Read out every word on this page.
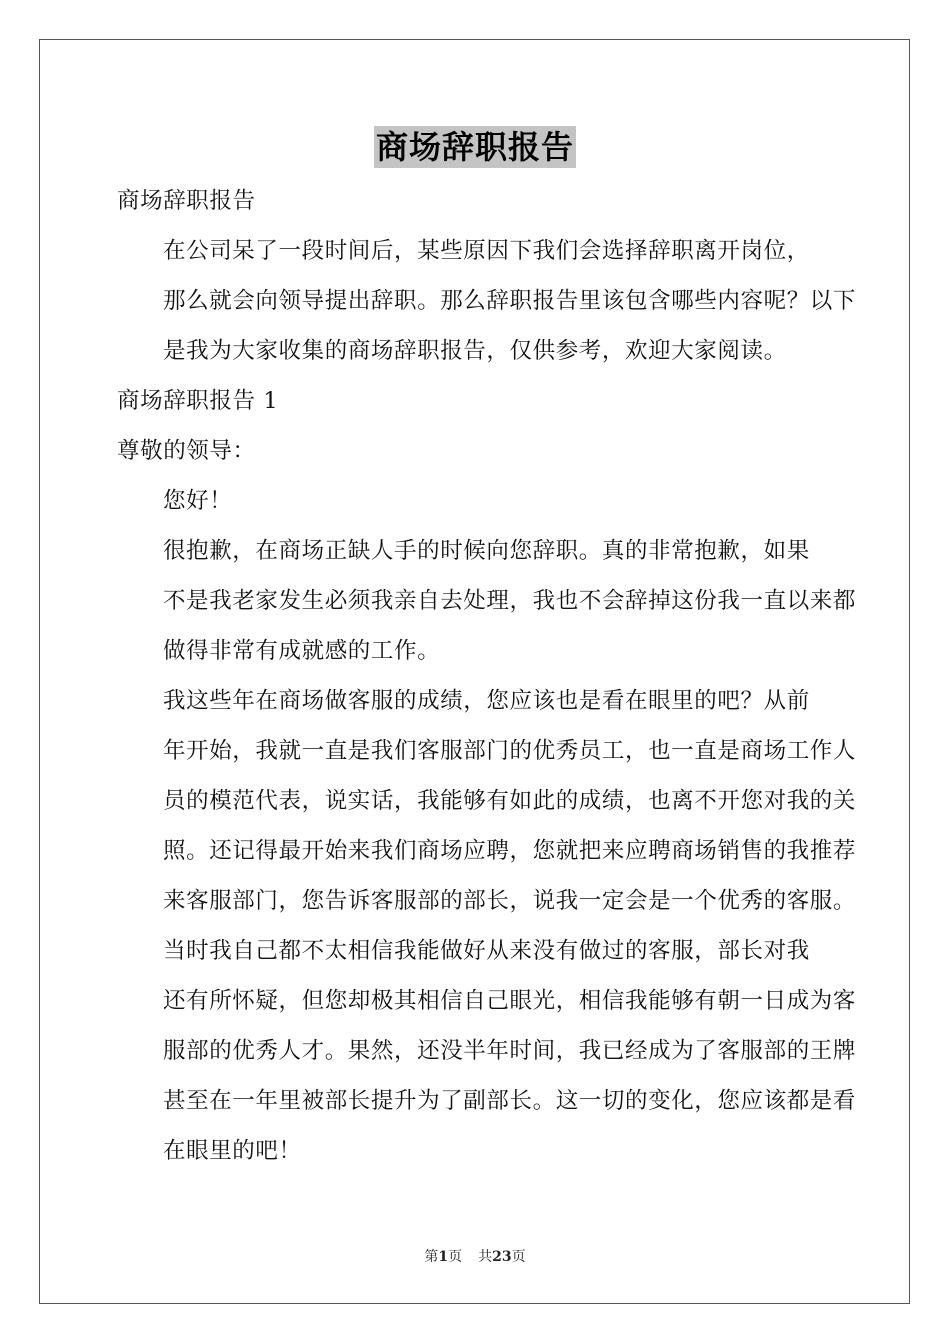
商场辞职报告

商场辞职报告

在公司呆了一段时间后，某些原因下我们会选择辞职离开岗位，
那么就会向领导提出辞职。那么辞职报告里该包含哪些内容呢？以下
是我为大家收集的商场辞职报告，仅供参考，欢迎大家阅读。

商场辞职报告 1

尊敬的领导：

您好！

很抱歉，在商场正缺人手的时候向您辞职。真的非常抱歉，如果
不是我老家发生必须我亲自去处理，我也不会辞掉这份我一直以来都
做得非常有成就感的工作。

我这些年在商场做客服的成绩，您应该也是看在眼里的吧？从前
年开始，我就一直是我们客服部门的优秀员工，也一直是商场工作人
员的模范代表，说实话，我能够有如此的成绩，也离不开您对我的关
照。还记得最开始来我们商场应聘，您就把来应聘商场销售的我推荐
来客服部门，您告诉客服部的部长，说我一定会是一个优秀的客服。

当时我自己都不太相信我能做好从来没有做过的客服，部长对我
还有所怀疑，但您却极其相信自己眼光，相信我能够有朝一日成为客
服部的优秀人才。果然，还没半年时间，我已经成为了客服部的王牌
甚至在一年里被部长提升为了副部长。这一切的变化，您应该都是看
在眼里的吧！

第1页 共23页
